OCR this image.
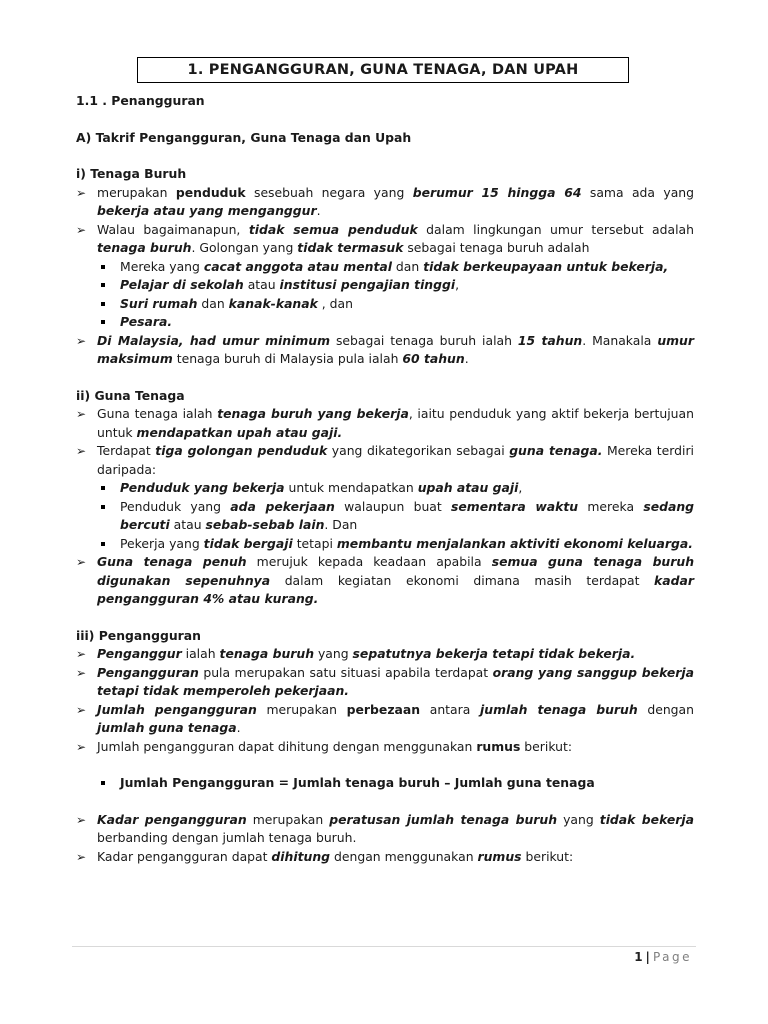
1. PENGANGGURAN, GUNA TENAGA, DAN UPAH

1.1 . Penangguran

A) Takrif Pengangguran, Guna Tenaga dan Upah

i) Tenaga Buruh

➢ merupakan penduduk sesebuah negara yang berumur 15 hingga 64 sama ada yang bekerja atau yang menganggur.
➢ Walau bagaimanapun, tidak semua penduduk dalam lingkungan umur tersebut adalah tenaga buruh. Golongan yang tidak termasuk sebagai tenaga buruh adalah
Mereka yang cacat anggota atau mental dan tidak berkeupayaan untuk bekerja,
Pelajar di sekolah atau institusi pengajian tinggi,
Suri rumah dan kanak-kanak , dan
Pesara.
➢ Di Malaysia, had umur minimum sebagai tenaga buruh ialah 15 tahun. Manakala umur maksimum tenaga buruh di Malaysia pula ialah 60 tahun.

ii) Guna Tenaga

➢ Guna tenaga ialah tenaga buruh yang bekerja, iaitu penduduk yang aktif bekerja bertujuan untuk mendapatkan upah atau gaji.
➢ Terdapat tiga golongan penduduk yang dikategorikan sebagai guna tenaga. Mereka terdiri daripada:
Penduduk yang bekerja untuk mendapatkan upah atau gaji,
Penduduk yang ada pekerjaan walaupun buat sementara waktu mereka sedang bercuti atau sebab-sebab lain. Dan
Pekerja yang tidak bergaji tetapi membantu menjalankan aktiviti ekonomi keluarga.
➢ Guna tenaga penuh merujuk kepada keadaan apabila semua guna tenaga buruh digunakan sepenuhnya dalam kegiatan ekonomi dimana masih terdapat kadar pengangguran 4% atau kurang.

iii) Pengangguran

➢ Penganggur ialah tenaga buruh yang sepatutnya bekerja tetapi tidak bekerja.
➢ Pengangguran pula merupakan satu situasi apabila terdapat orang yang sanggup bekerja tetapi tidak memperoleh pekerjaan.
➢ Jumlah pengangguran merupakan perbezaan antara jumlah tenaga buruh dengan jumlah guna tenaga.
➢ Jumlah pengangguran dapat dihitung dengan menggunakan rumus berikut:
Jumlah Pengangguran = Jumlah tenaga buruh – Jumlah guna tenaga
➢ Kadar pengangguran merupakan peratusan jumlah tenaga buruh yang tidak bekerja berbanding dengan jumlah tenaga buruh.
➢ Kadar pengangguran dapat dihitung dengan menggunakan rumus berikut:
1 | Page
